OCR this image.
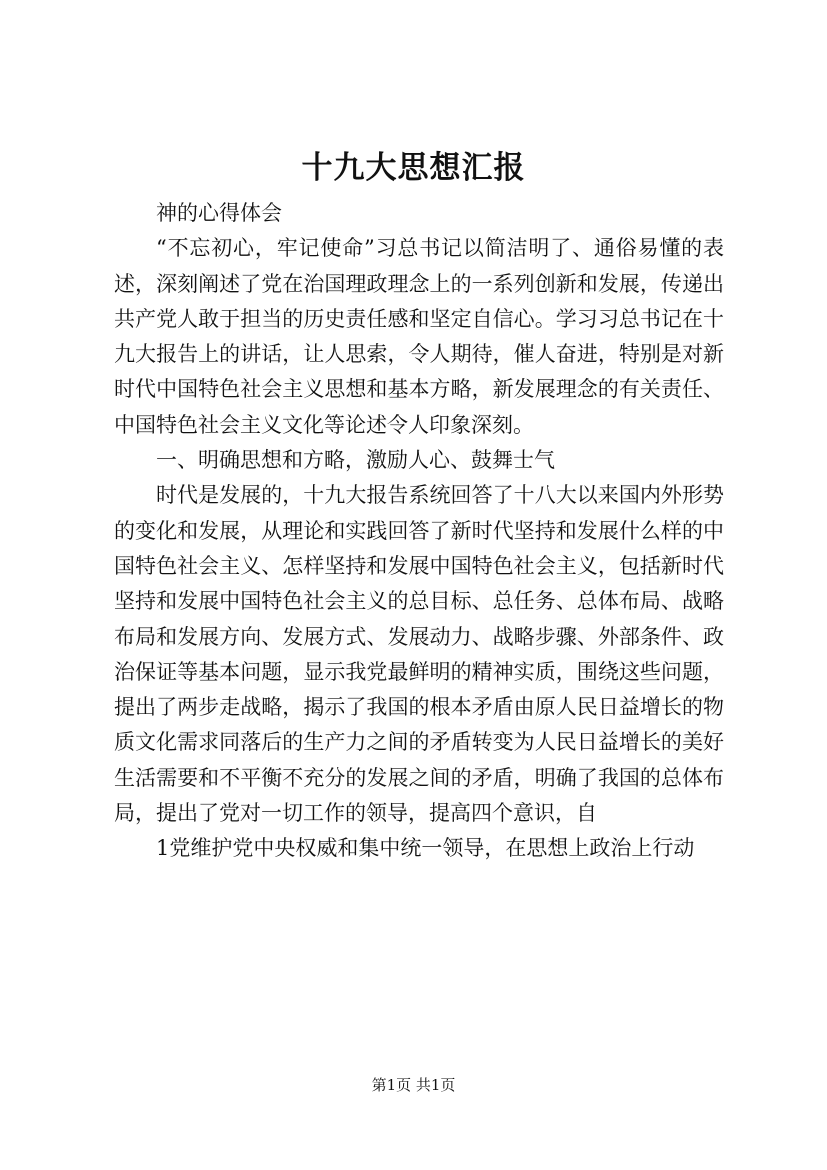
十九大思想汇报

神的心得体会

“不忘初心，牢记使命”习总书记以简洁明了、通俗易懂的表述，深刻阐述了党在治国理政理念上的一系列创新和发展，传递出共产党人敢于担当的历史责任感和坚定自信心。学习习总书记在十九大报告上的讲话，让人思索，令人期待，催人奋进，特别是对新时代中国特色社会主义思想和基本方略，新发展理念的有关责任、中国特色社会主义文化等论述令人印象深刻。

一、明确思想和方略，激励人心、鼓舞士气

时代是发展的，十九大报告系统回答了十八大以来国内外形势的变化和发展，从理论和实践回答了新时代坚持和发展什么样的中国特色社会主义、怎样坚持和发展中国特色社会主义，包括新时代坚持和发展中国特色社会主义的总目标、总任务、总体布局、战略布局和发展方向、发展方式、发展动力、战略步骤、外部条件、政治保证等基本问题，显示我党最鲜明的精神实质，围绕这些问题，提出了两步走战略，揭示了我国的根本矛盾由原人民日益增长的物质文化需求同落后的生产力之间的矛盾转变为人民日益增长的美好生活需要和不平衡不充分的发展之间的矛盾，明确了我国的总体布局，提出了党对一切工作的领导，提高四个意识，自

1党维护党中央权威和集中统一领导，在思想上政治上行动

第1页 共1页
